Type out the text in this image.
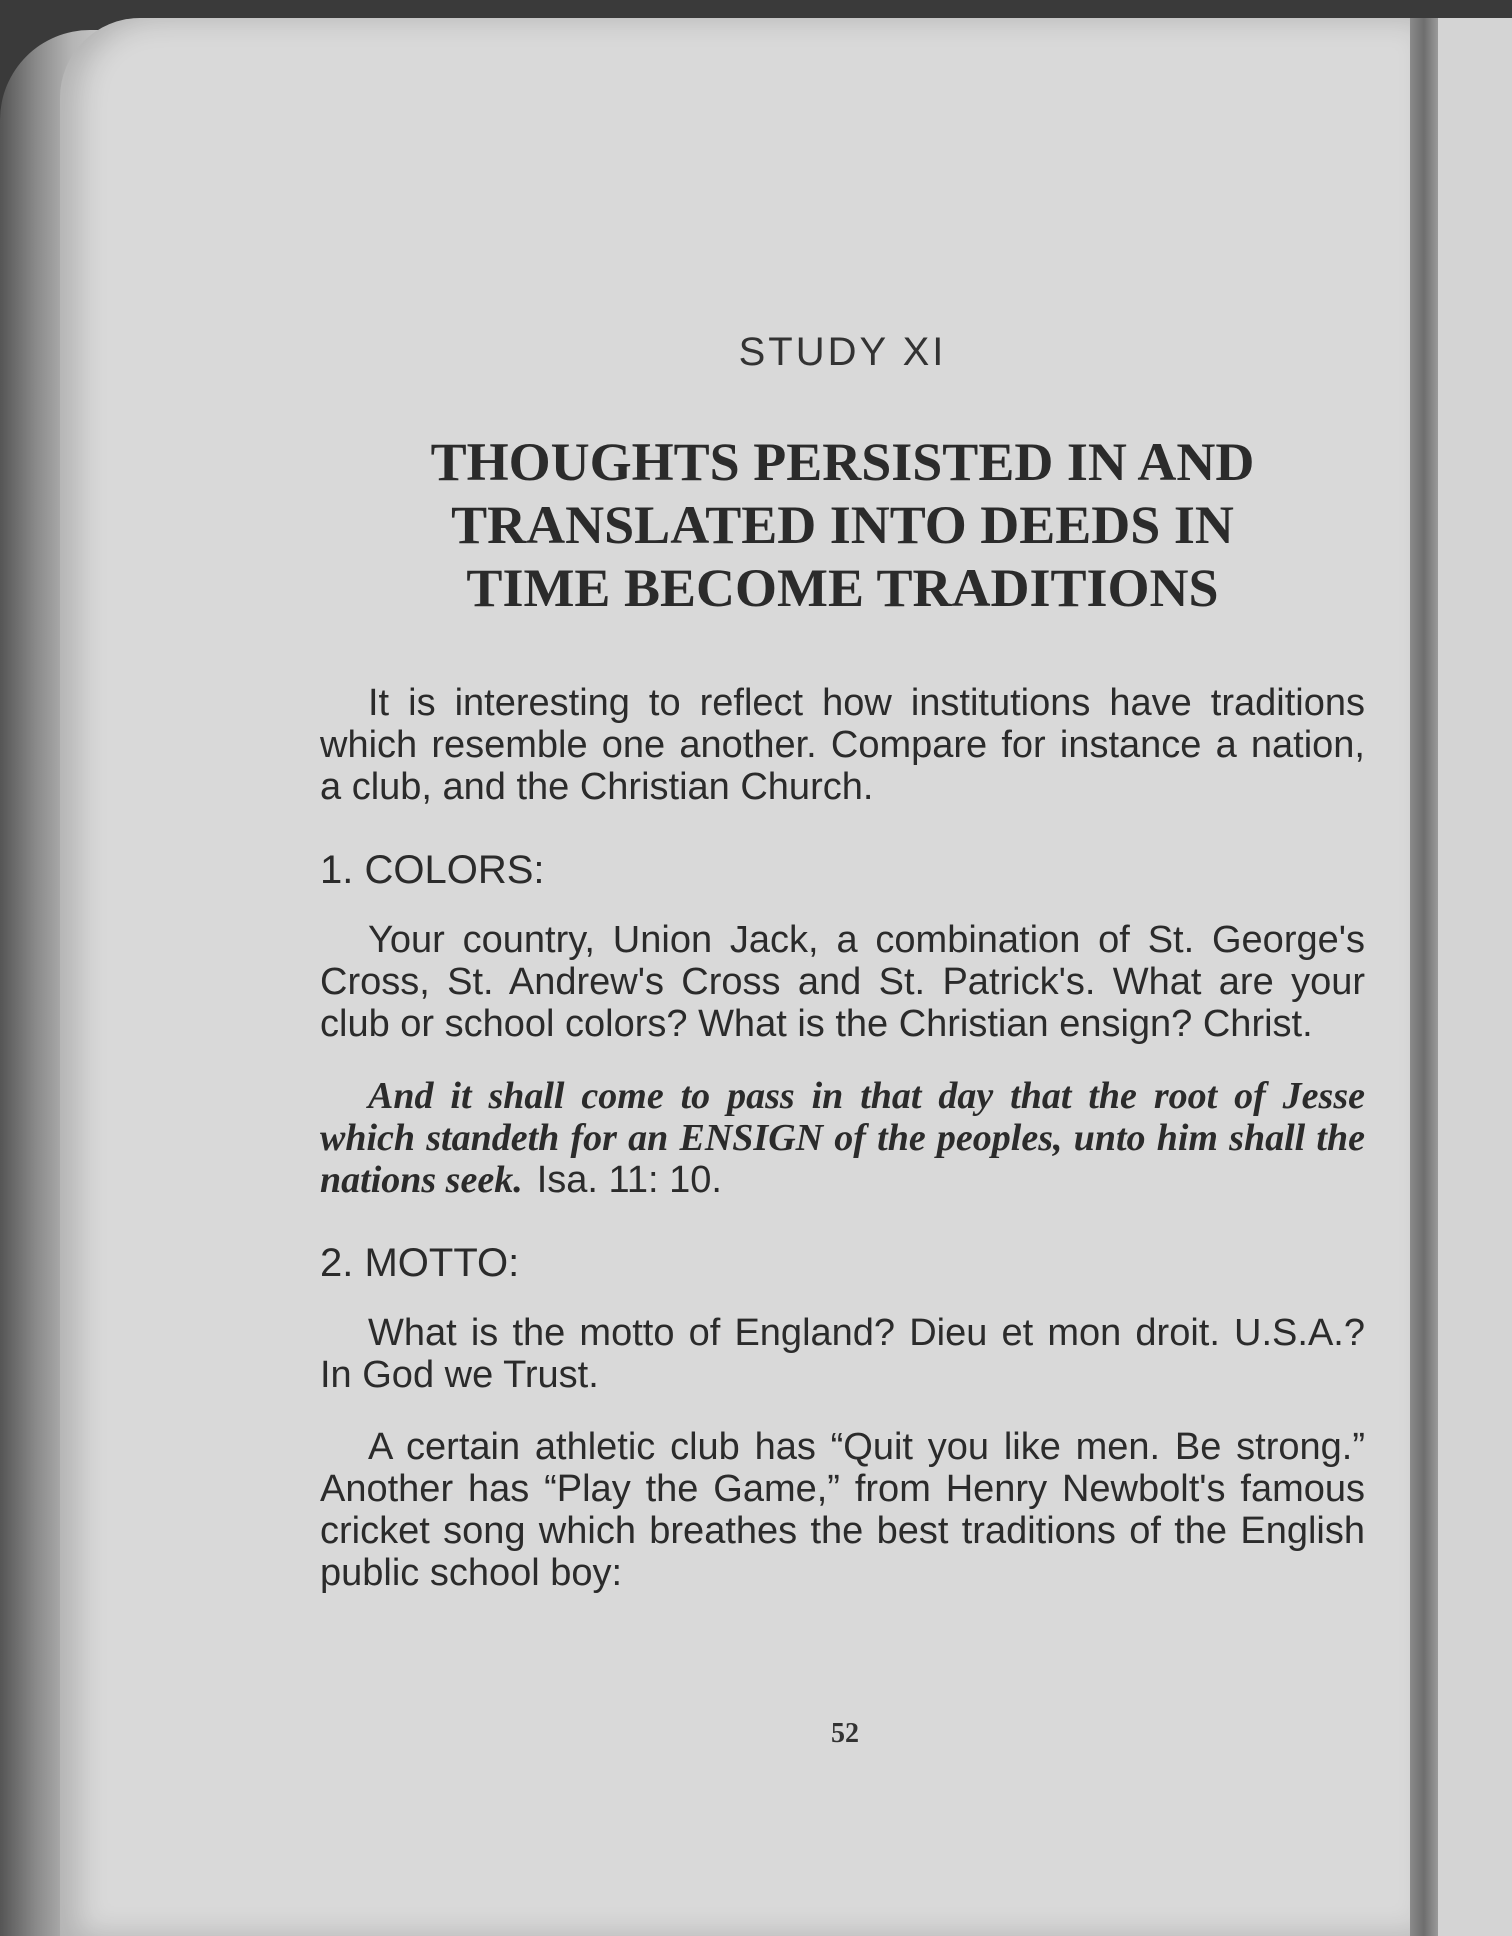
STUDY XI
THOUGHTS PERSISTED IN AND
TRANSLATED INTO DEEDS IN
TIME BECOME TRADITIONS

It is interesting to reflect how institutions have traditions which resemble one another. Compare for instance a nation, a club, and the Christian Church.

1. COLORS:

Your country, Union Jack, a combination of St. George's Cross, St. Andrew's Cross and St. Patrick's. What are your club or school colors? What is the Christian ensign? Christ.

And it shall come to pass in that day that the root of Jesse which standeth for an ENSIGN of the peoples, unto him shall the nations seek. Isa. 11: 10.

2. MOTTO:

What is the motto of England? Dieu et mon droit. U.S.A.? In God we Trust.

A certain athletic club has “Quit you like men. Be strong.” Another has “Play the Game,” from Henry Newbolt's famous cricket song which breathes the best traditions of the English public school boy:

52
